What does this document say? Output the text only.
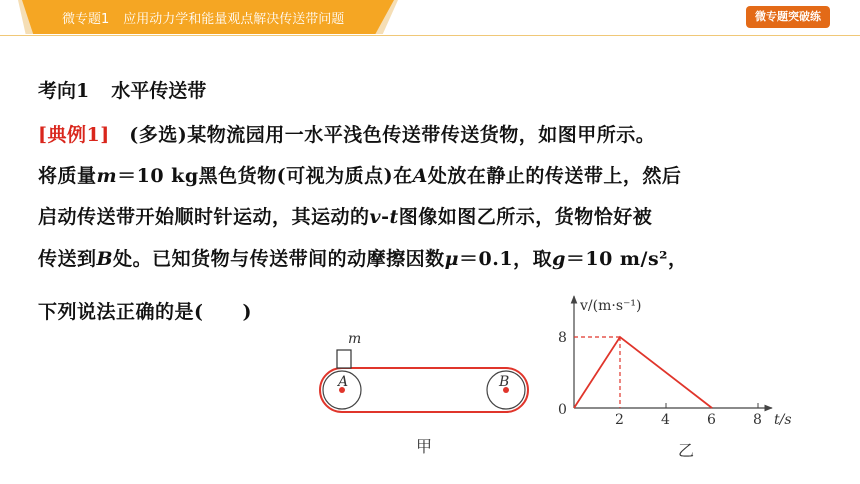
微专题1 应用动力学和能量观点解决传送带问题	微专题突破练
考向1 水平传送带
[典例1]　 (多选)某物流园用一水平浅色传送带传送货物，如图甲所示。
将质量m＝10 kg黑色货物(可视为质点)在A处放在静止的传送带上，然后
启动传送带开始顺时针运动，其运动的v-t图像如图乙所示，货物恰好被
传送到B处。已知货物与传送带间的动摩擦因数μ＝0.1，取g＝10 m/s²，
下列说法正确的是(　　)
m
A	B
甲
v/(m·s⁻¹)
8
0
2	4	6	8 t/s
乙
